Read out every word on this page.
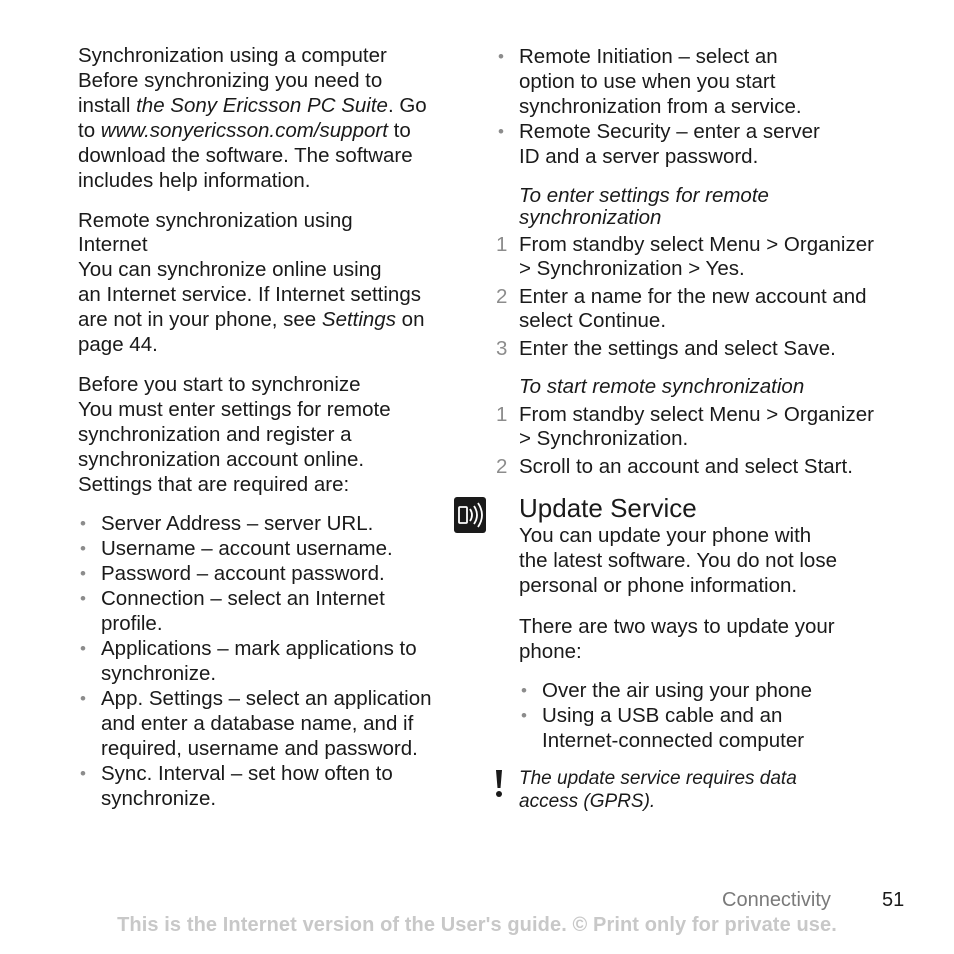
Synchronization using a computer

Before synchronizing you need to

install the Sony Ericsson PC Suite. Go

to www.sonyericsson.com/support to

download the software. The software

includes help information.

Remote synchronization using

Internet

You can synchronize online using

an Internet service. If Internet settings

are not in your phone, see Settings on

page 44.

Before you start to synchronize

You must enter settings for remote

synchronization and register a

synchronization account online.

Settings that are required are:

• Server Address – server URL.
• Username – account username.
• Password – account password.
• Connection – select an Internet
profile.
• Applications – mark applications to
synchronize.
• App. Settings – select an application
and enter a database name, and if
required, username and password.
• Sync. Interval – set how often to
synchronize.
• Remote Initiation – select an
option to use when you start
synchronization from a service.
• Remote Security – enter a server
ID and a server password.

To enter settings for remote

synchronization

1 From standby select Menu > Organizer
> Synchronization > Yes.
2 Enter a name for the new account and
select Continue.
3 Enter the settings and select Save.

To start remote synchronization

1 From standby select Menu > Organizer
> Synchronization.
2 Scroll to an account and select Start.

Update Service

You can update your phone with

the latest software. You do not lose

personal or phone information.

There are two ways to update your

phone:

• Over the air using your phone
• Using a USB cable and an
Internet-connected computer

The update service requires data

access (GPRS).

Connectivity	51
This is the Internet version of the User's guide. © Print only for private use.
